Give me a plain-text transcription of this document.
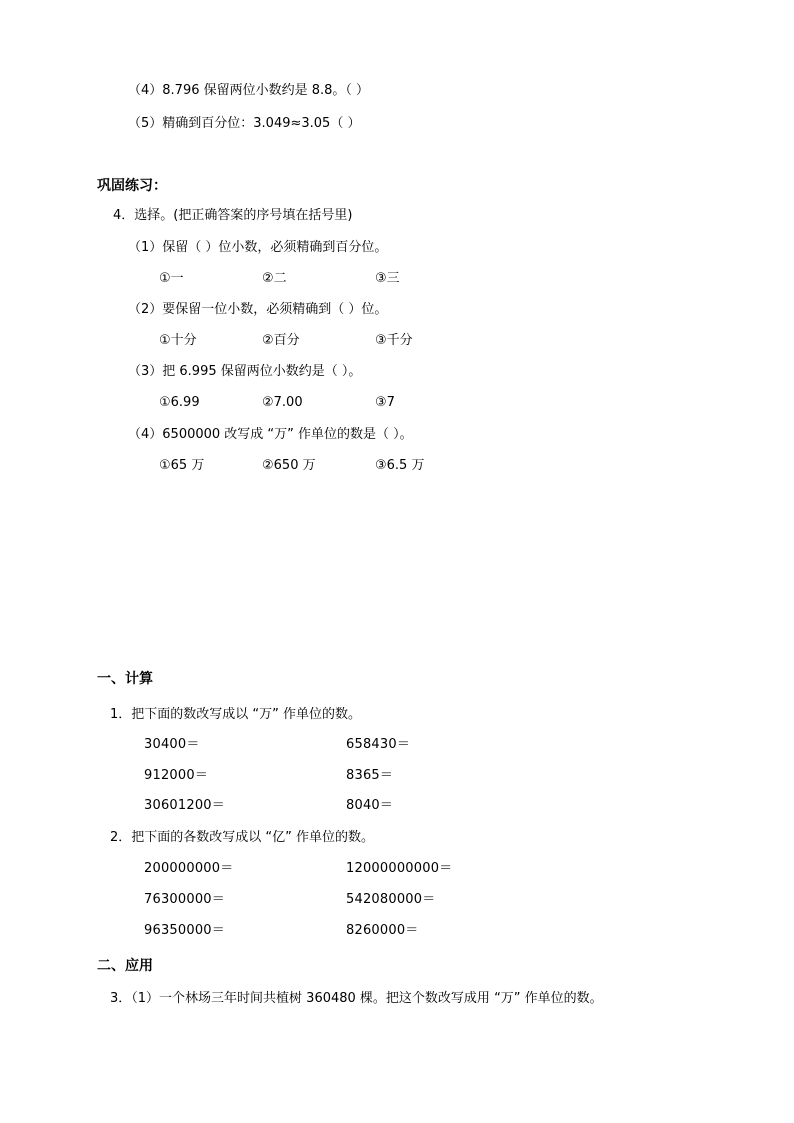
（4）8.796 保留两位小数约是 8.8。（ ）
（5）精确到百分位：3.049≈3.05（ ）
巩固练习：
4．选择。(把正确答案的序号填在括号里)
（1）保留（ ）位小数，必须精确到百分位。
①一	②二	③三
（2）要保留一位小数，必须精确到（ ）位。
①十分	②百分	③千分
（3）把 6.995 保留两位小数约是（ ）。
①6.99	②7.00	③7
（4）6500000 改写成 “万” 作单位的数是（ ）。
①65 万	②650 万	③6.5 万
一、计算
1．把下面的数改写成以 “万” 作单位的数。
30400＝	658430＝
912000＝	8365＝
30601200＝	8040＝
2．把下面的各数改写成以 “亿” 作单位的数。
200000000＝	12000000000＝
76300000＝	542080000＝
96350000＝	8260000＝
二、应用
3．（1）一个林场三年时间共植树 360480 棵。把这个数改写成用 “万” 作单位的数。
